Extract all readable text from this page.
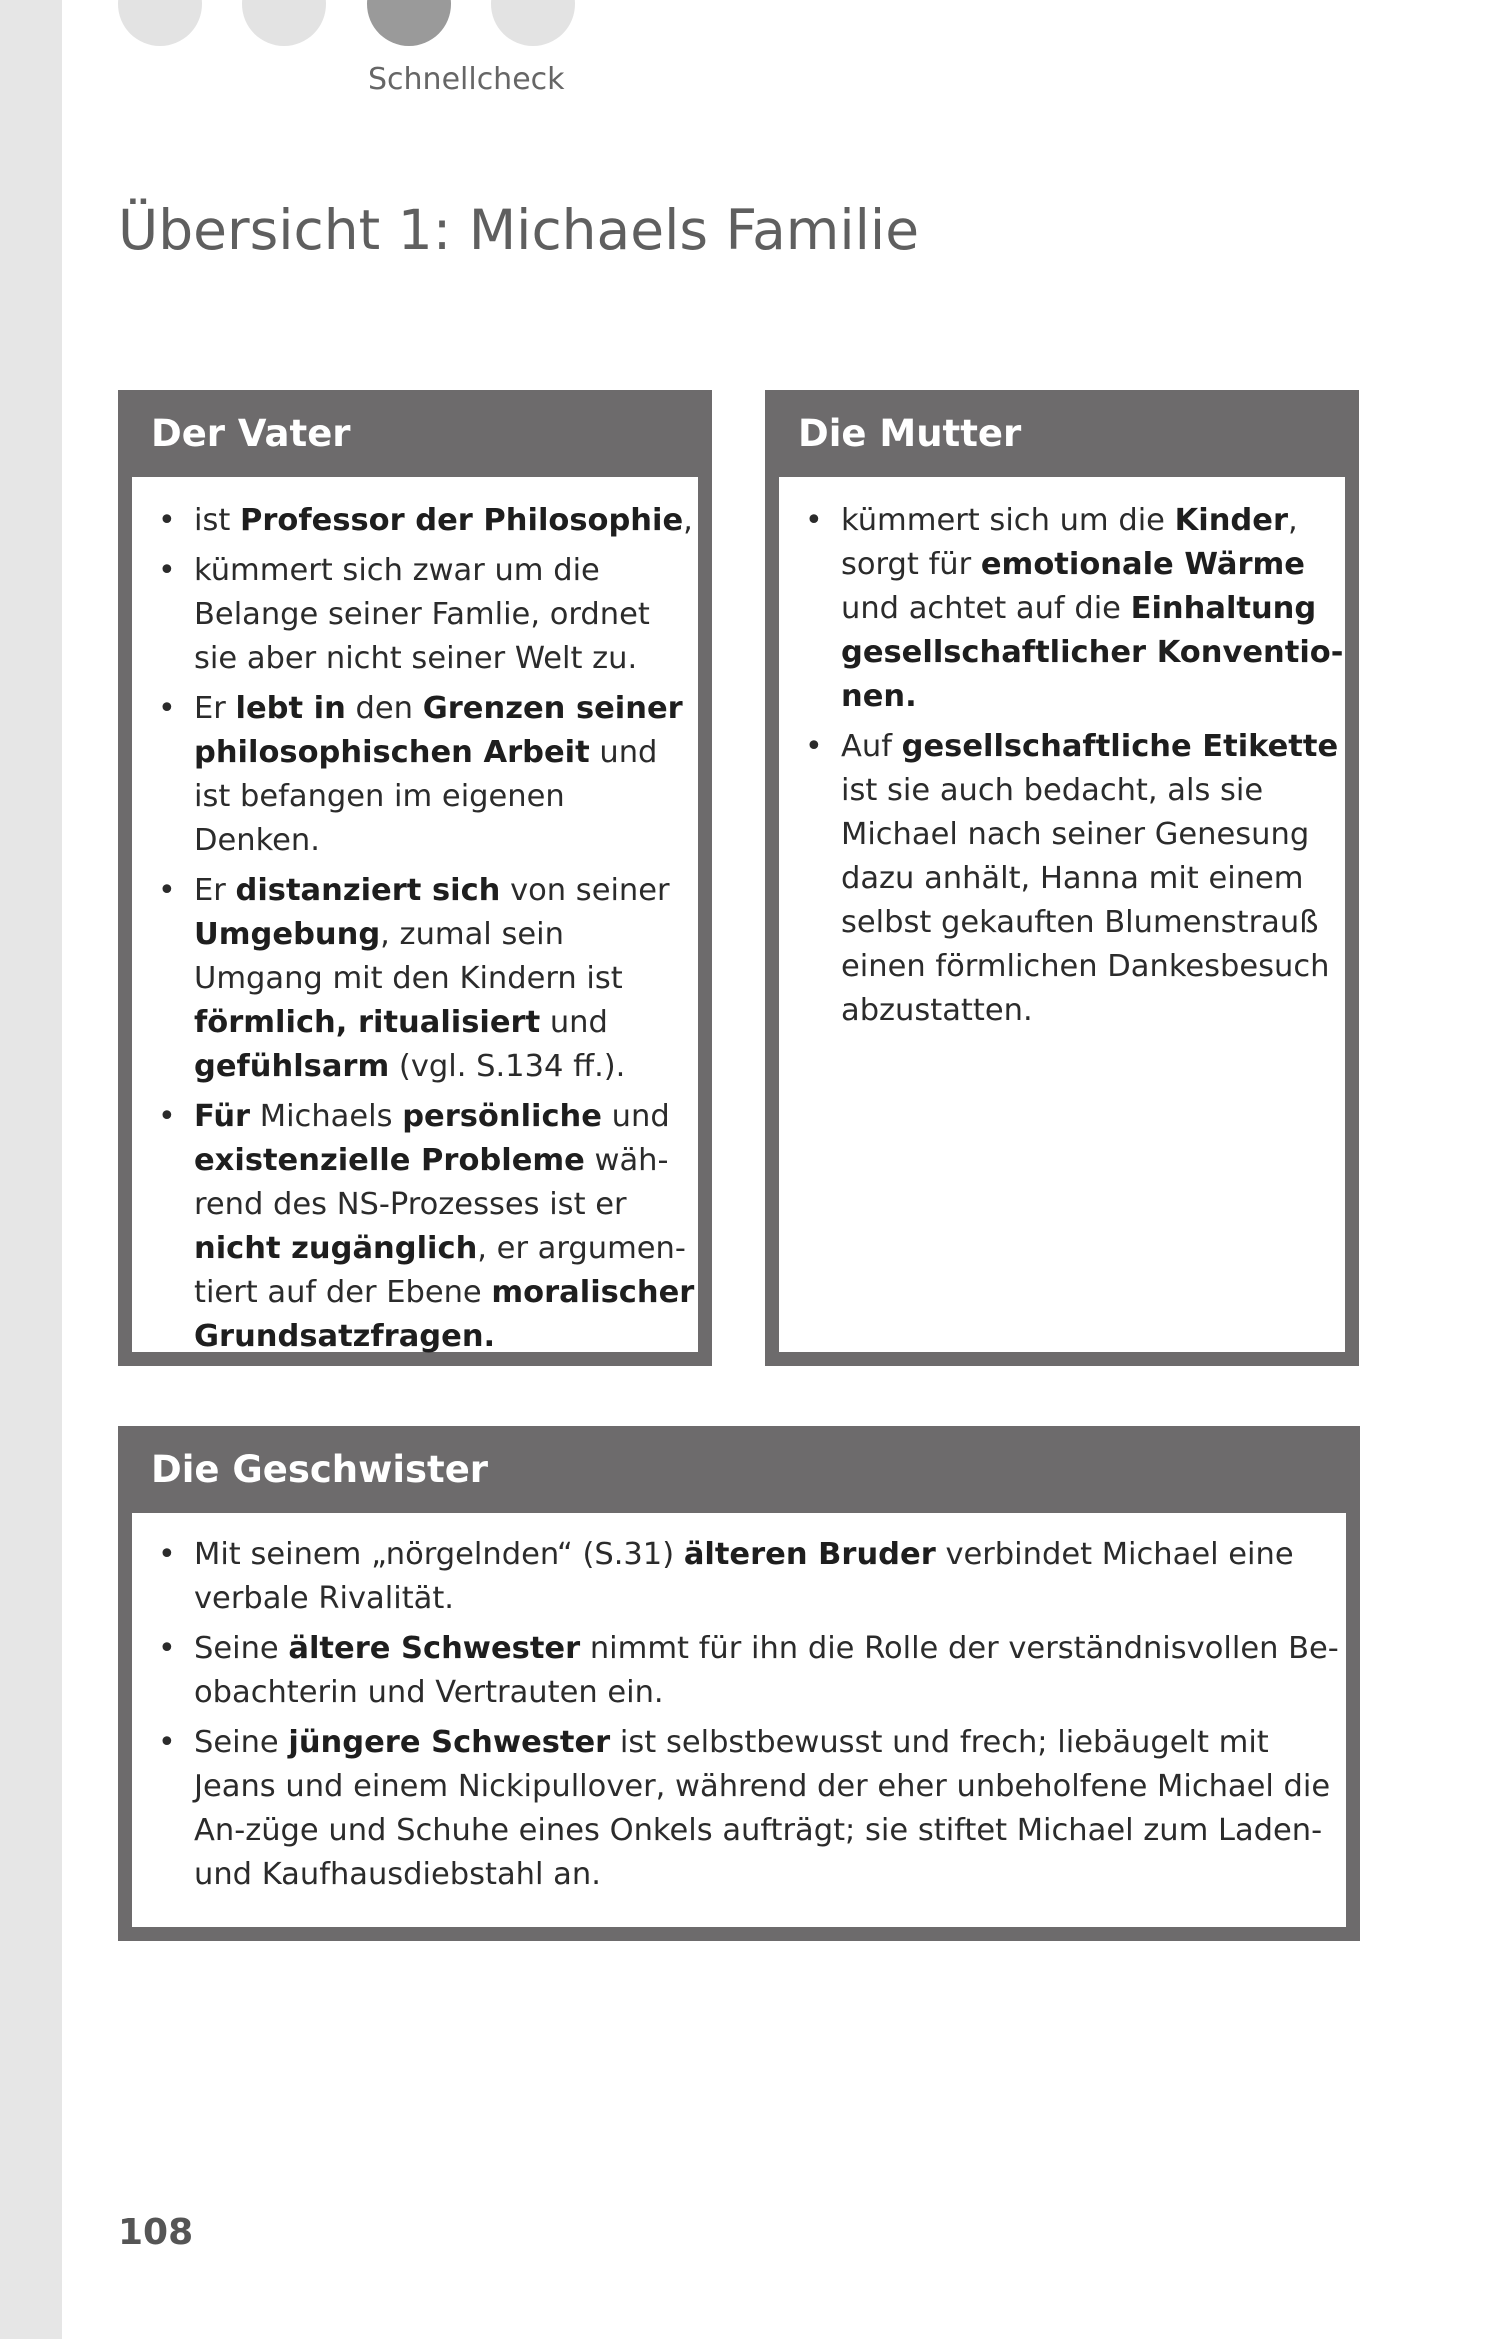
Schnellcheck
Übersicht 1: Michaels Familie
Der Vater
• ist Professor der Philosophie,
• kümmert sich zwar um die Belange seiner Famlie, ordnet sie aber nicht seiner Welt zu.
• Er lebt in den Grenzen seiner philosophischen Arbeit und ist befangen im eigenen Denken.
• Er distanziert sich von seiner Umgebung, zumal sein Umgang mit den Kindern ist förmlich, ritualisiert und gefühlsarm (vgl. S.134 ff.).
• Für Michaels persönliche und existenzielle Probleme wäh-rend des NS-Prozesses ist er nicht zugänglich, er argumen-tiert auf der Ebene moralischer Grundsatzfragen.
Die Mutter
• kümmert sich um die Kinder, sorgt für emotionale Wärme und achtet auf die Einhaltung gesellschaftlicher Konventio-nen.
• Auf gesellschaftliche Etikette ist sie auch bedacht, als sie Michael nach seiner Genesung dazu anhält, Hanna mit einem selbst gekauften Blumenstrauß einen förmlichen Dankesbesuch abzustatten.
Die Geschwister
• Mit seinem „nörgelnden“ (S.31) älteren Bruder verbindet Michael eine verbale Rivalität.
• Seine ältere Schwester nimmt für ihn die Rolle der verständnisvollen Be-obachterin und Vertrauten ein.
• Seine jüngere Schwester ist selbstbewusst und frech; liebäugelt mit Jeans und einem Nickipullover, während der eher unbeholfene Michael die An-züge und Schuhe eines Onkels aufträgt; sie stiftet Michael zum Laden- und Kaufhausdiebstahl an.
108
